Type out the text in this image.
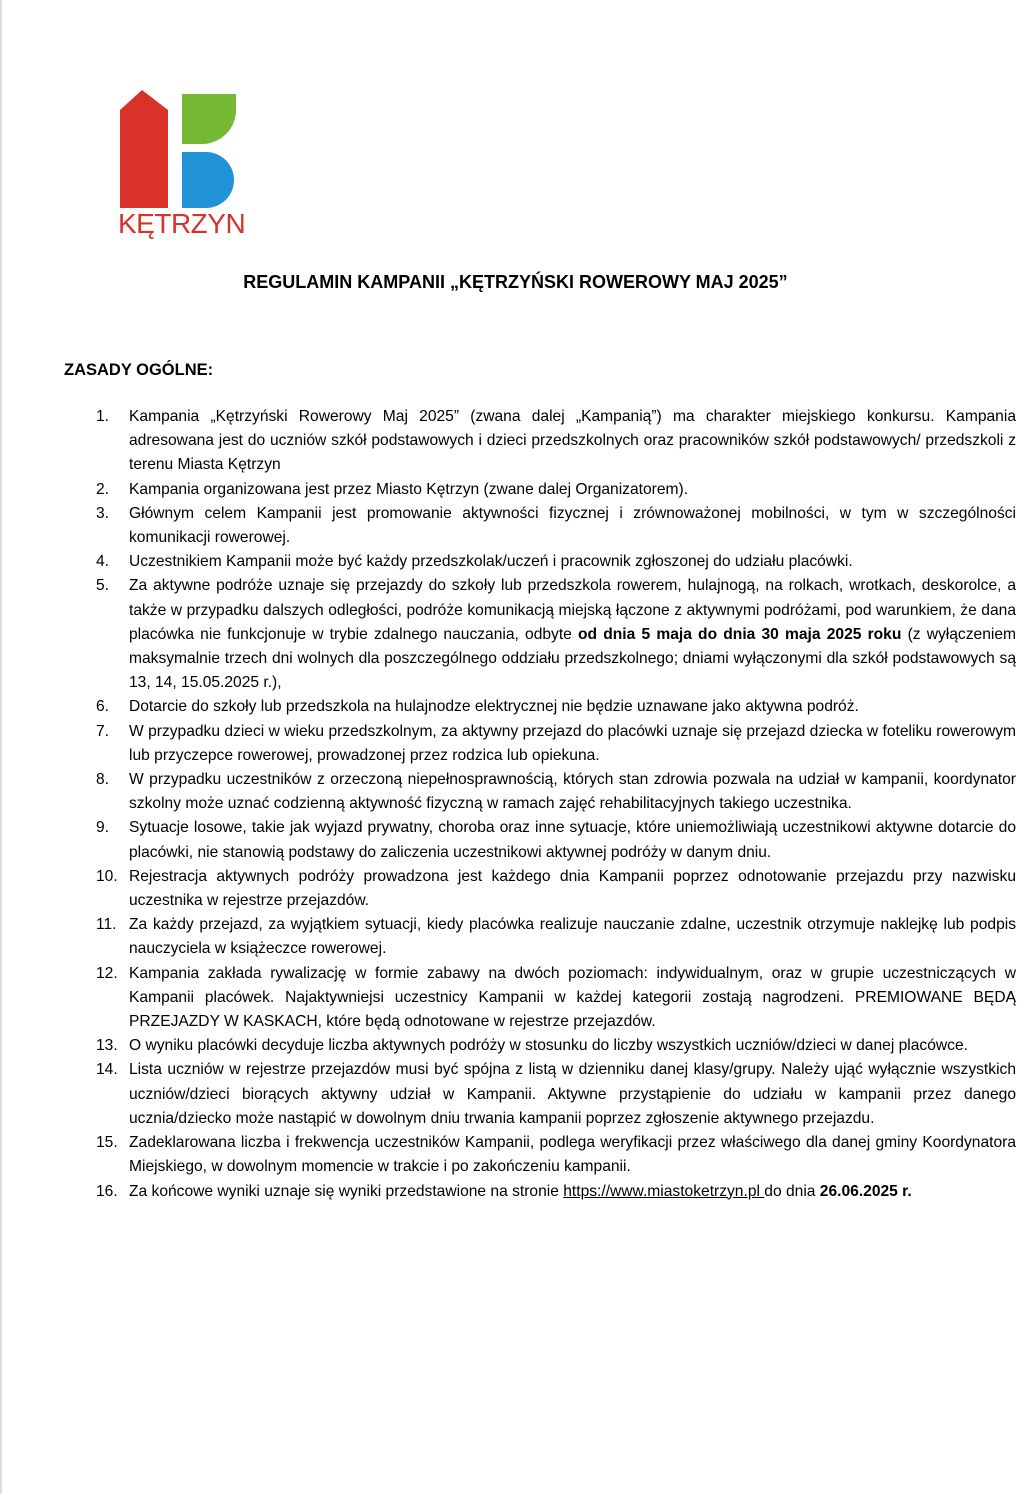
KĘTRZYN
REGULAMIN KAMPANII „KĘTRZYŃSKI ROWEROWY MAJ 2025”
ZASADY OGÓLNE:
1.	Kampania „Kętrzyński Rowerowy Maj 2025” (zwana dalej „Kampanią”) ma charakter miejskiego konkursu. Kampania adresowana jest do uczniów szkół podstawowych i dzieci przedszkolnych oraz pracowników szkół podstawowych/ przedszkoli z terenu Miasta Kętrzyn
2.	Kampania organizowana jest przez Miasto Kętrzyn (zwane dalej Organizatorem).
3.	Głównym celem Kampanii jest promowanie aktywności fizycznej i zrównoważonej mobilności, w tym w szczególności komunikacji rowerowej.
4.	Uczestnikiem Kampanii może być każdy przedszkolak/uczeń i pracownik zgłoszonej do udziału placówki.
5.	Za aktywne podróże uznaje się przejazdy do szkoły lub przedszkola rowerem, hulajnogą, na rolkach, wrotkach, deskorolce, a także w przypadku dalszych odległości, podróże komunikacją miejską łączone z aktywnymi podróżami, pod warunkiem, że dana placówka nie funkcjonuje w trybie zdalnego nauczania, odbyte od dnia 5 maja do dnia 30 maja 2025 roku (z wyłączeniem maksymalnie trzech dni wolnych dla poszczególnego oddziału przedszkolnego; dniami wyłączonymi dla szkół podstawowych są 13, 14, 15.05.2025 r.),
6.	Dotarcie do szkoły lub przedszkola na hulajnodze elektrycznej nie będzie uznawane jako aktywna podróż.
7.	W przypadku dzieci w wieku przedszkolnym, za aktywny przejazd do placówki uznaje się przejazd dziecka w foteliku rowerowym lub przyczepce rowerowej, prowadzonej przez rodzica lub opiekuna.
8.	W przypadku uczestników z orzeczoną niepełnosprawnością, których stan zdrowia pozwala na udział w kampanii, koordynator szkolny może uznać codzienną aktywność fizyczną w ramach zajęć rehabilitacyjnych takiego uczestnika.
9.	Sytuacje losowe, takie jak wyjazd prywatny, choroba oraz inne sytuacje, które uniemożliwiają uczestnikowi aktywne dotarcie do placówki, nie stanowią podstawy do zaliczenia uczestnikowi aktywnej podróży w danym dniu.
10. Rejestracja aktywnych podróży prowadzona jest każdego dnia Kampanii poprzez odnotowanie przejazdu przy nazwisku uczestnika w rejestrze przejazdów.
11. Za każdy przejazd, za wyjątkiem sytuacji, kiedy placówka realizuje nauczanie zdalne, uczestnik otrzymuje naklejkę lub podpis nauczyciela w książeczce rowerowej.
12. Kampania zakłada rywalizację w formie zabawy na dwóch poziomach: indywidualnym, oraz w grupie uczestniczących w Kampanii placówek. Najaktywniejsi uczestnicy Kampanii w każdej kategorii zostają nagrodzeni. PREMIOWANE BĘDĄ PRZEJAZDY W KASKACH, które będą odnotowane w rejestrze przejazdów.
13. O wyniku placówki decyduje liczba aktywnych podróży w stosunku do liczby wszystkich uczniów/dzieci w danej placówce.
14. Lista uczniów w rejestrze przejazdów musi być spójna z listą w dzienniku danej klasy/grupy. Należy ująć wyłącznie wszystkich uczniów/dzieci biorących aktywny udział w Kampanii. Aktywne przystąpienie do udziału w kampanii przez danego ucznia/dziecko może nastąpić w dowolnym dniu trwania kampanii poprzez zgłoszenie aktywnego przejazdu.
15. Zadeklarowana liczba i frekwencja uczestników Kampanii, podlega weryfikacji przez właściwego dla danej gminy Koordynatora Miejskiego, w dowolnym momencie w trakcie i po zakończeniu kampanii.
16. Za końcowe wyniki uznaje się wyniki przedstawione na stronie https://www.miastoketrzyn.pl do dnia 26.06.2025 r.
